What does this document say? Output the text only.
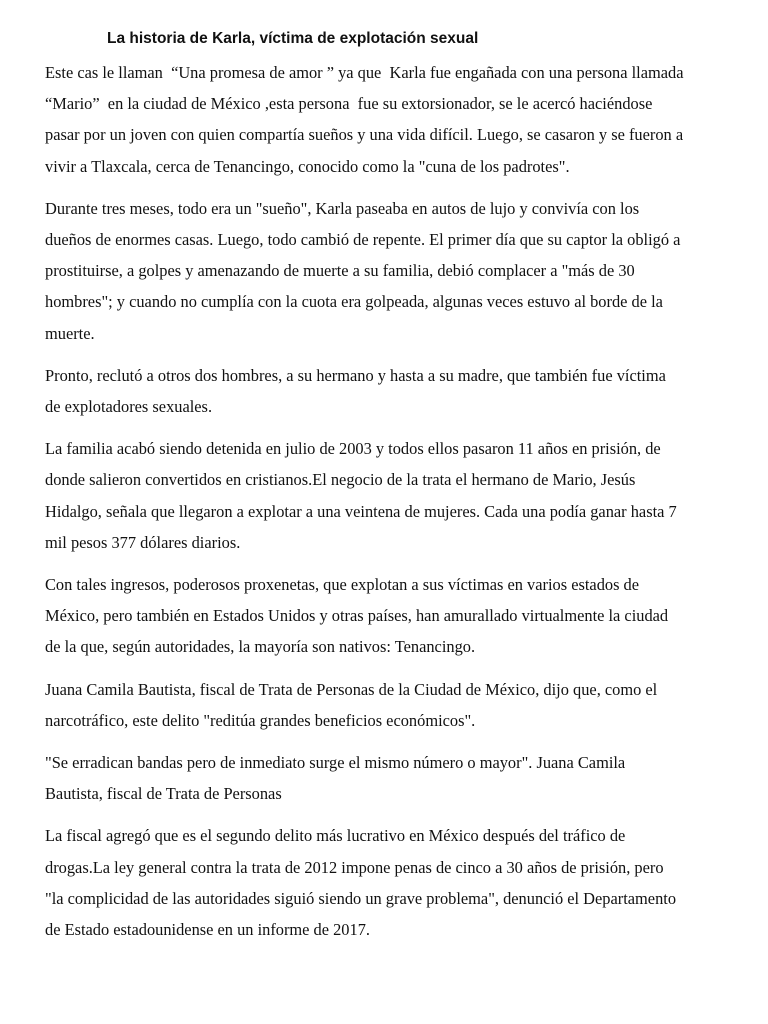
La historia de Karla, víctima de explotación sexual

Este cas le llaman  “Una promesa de amor ” ya que  Karla fue engañada con una persona llamada
“Mario”  en la ciudad de México ,esta persona  fue su extorsionador, se le acercó haciéndose
pasar por un joven con quien compartía sueños y una vida difícil. Luego, se casaron y se fueron a
vivir a Tlaxcala, cerca de Tenancingo, conocido como la "cuna de los padrotes".

Durante tres meses, todo era un "sueño", Karla paseaba en autos de lujo y convivía con los
dueños de enormes casas. Luego, todo cambió de repente. El primer día que su captor la obligó a
prostituirse, a golpes y amenazando de muerte a su familia, debió complacer a "más de 30
hombres"; y cuando no cumplía con la cuota era golpeada, algunas veces estuvo al borde de la
muerte.

Pronto, reclutó a otros dos hombres, a su hermano y hasta a su madre, que también fue víctima
de explotadores sexuales.

La familia acabó siendo detenida en julio de 2003 y todos ellos pasaron 11 años en prisión, de
donde salieron convertidos en cristianos.El negocio de la trata el hermano de Mario, Jesús
Hidalgo, señala que llegaron a explotar a una veintena de mujeres. Cada una podía ganar hasta 7
mil pesos 377 dólares diarios.

Con tales ingresos, poderosos proxenetas, que explotan a sus víctimas en varios estados de
México, pero también en Estados Unidos y otras países, han amurallado virtualmente la ciudad
de la que, según autoridades, la mayoría son nativos: Tenancingo.

Juana Camila Bautista, fiscal de Trata de Personas de la Ciudad de México, dijo que, como el
narcotráfico, este delito "reditúa grandes beneficios económicos".

"Se erradican bandas pero de inmediato surge el mismo número o mayor". Juana Camila
Bautista, fiscal de Trata de Personas

La fiscal agregó que es el segundo delito más lucrativo en México después del tráfico de
drogas.La ley general contra la trata de 2012 impone penas de cinco a 30 años de prisión, pero
"la complicidad de las autoridades siguió siendo un grave problema", denunció el Departamento
de Estado estadounidense en un informe de 2017.
